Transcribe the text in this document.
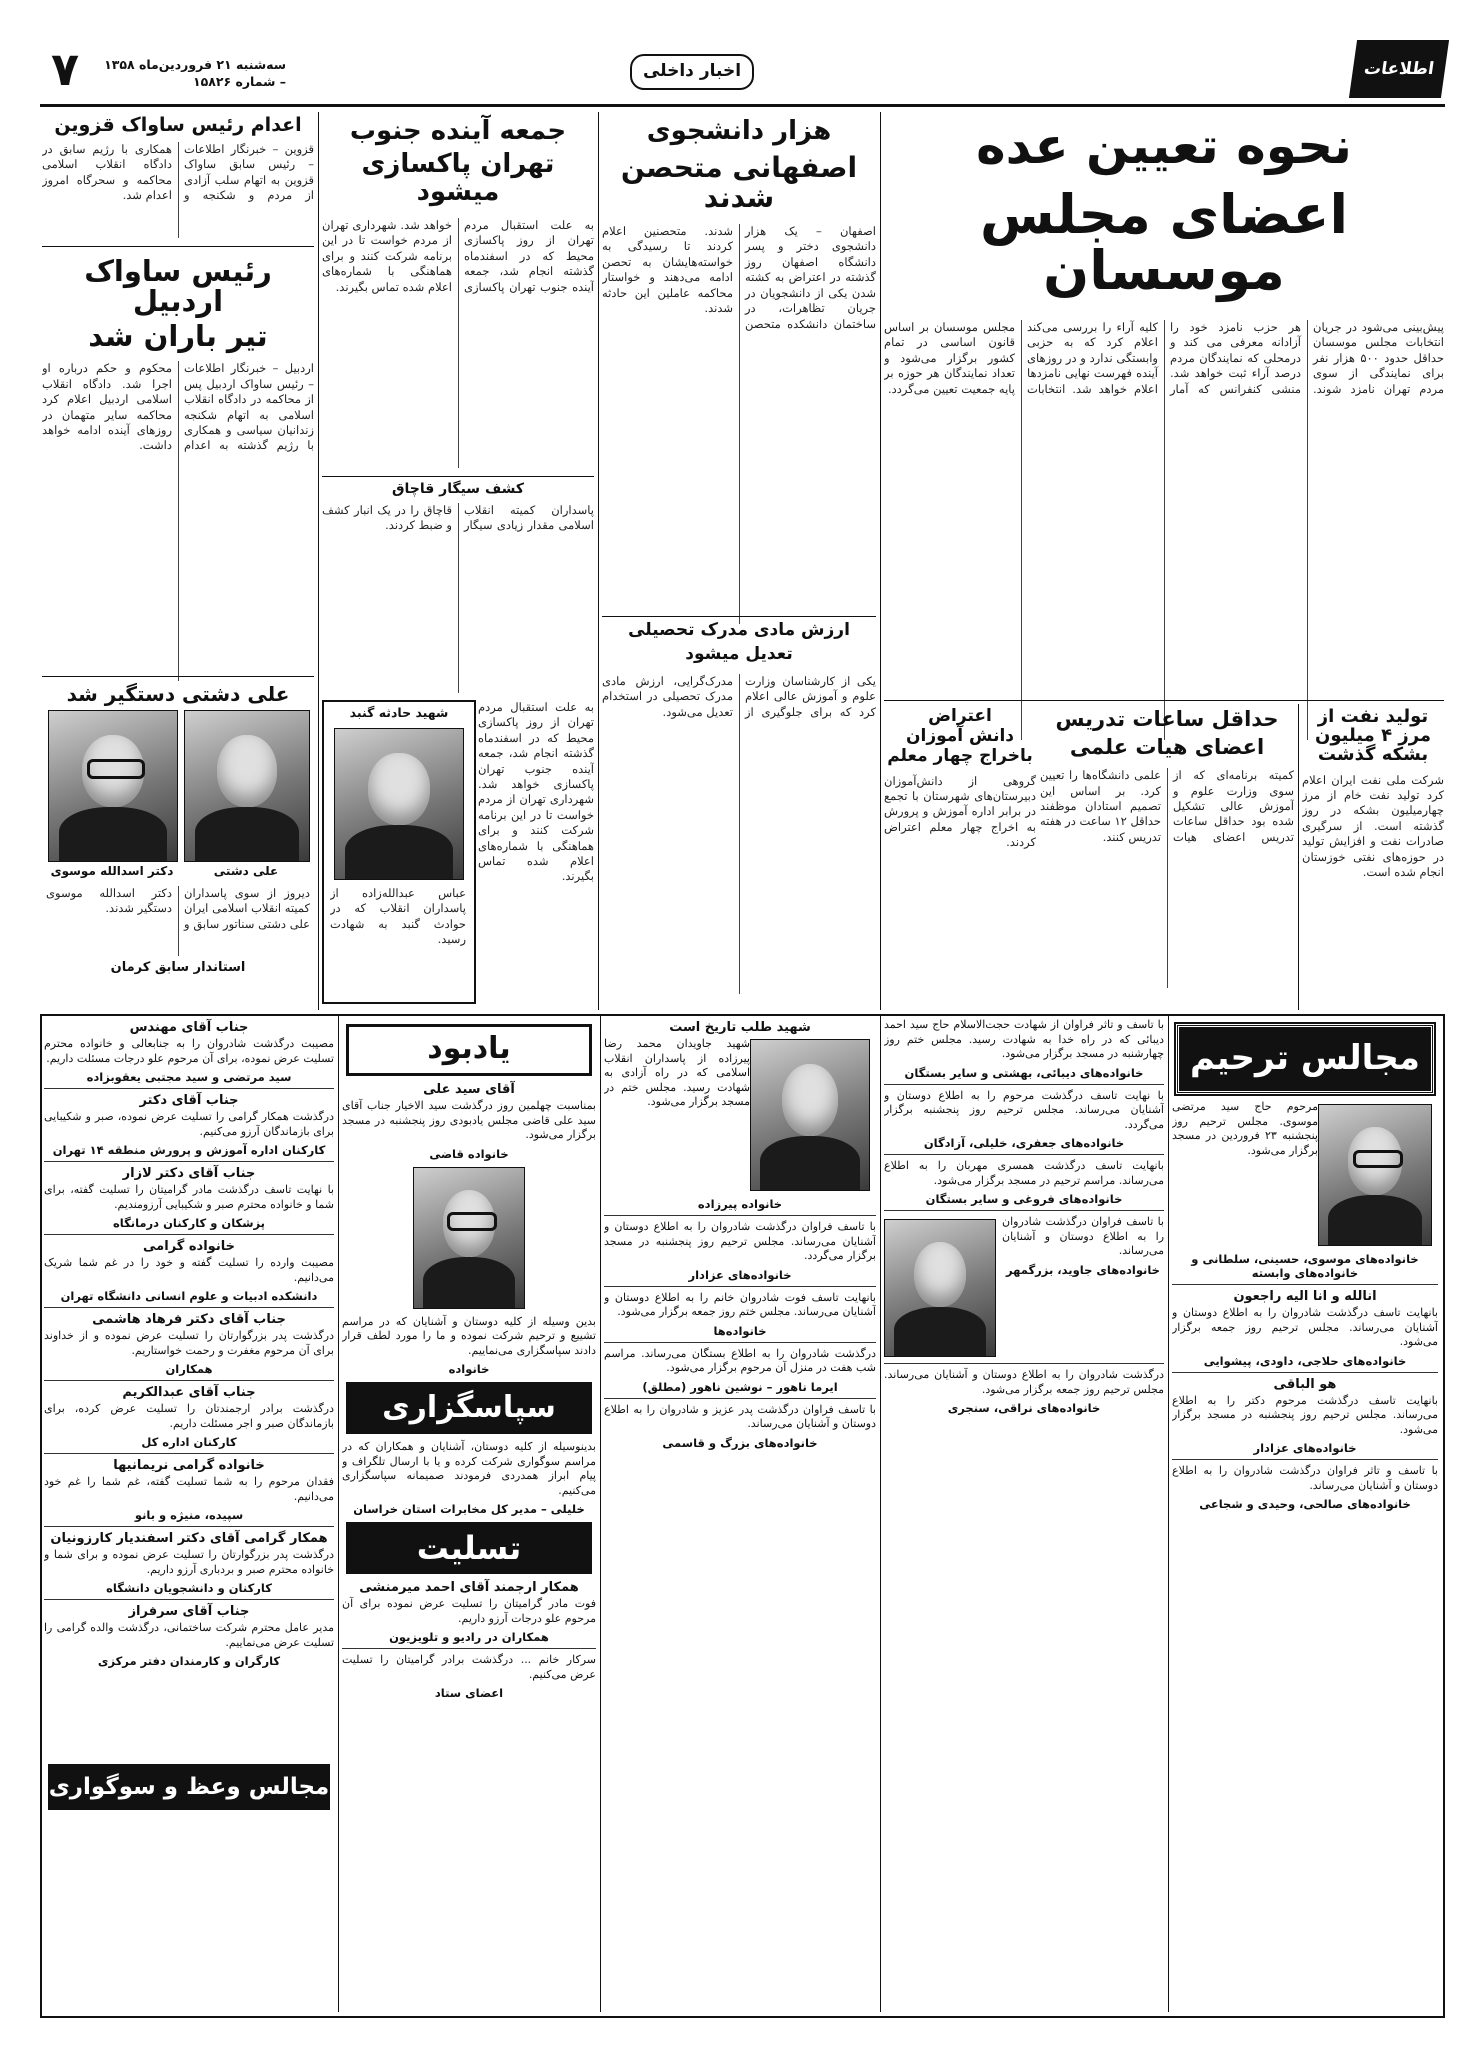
اطلاعات
اخبار داخلی
۷	سه‌شنبه ۲۱ فروردین‌ماه ۱۳۵۸ – شماره ۱۵۸۲۶
نحوه تعیین عده
اعضای مجلس موسسان
پیش‌بینی می‌شود در جریان انتخابات مجلس موسسان حداقل حدود ۵۰۰ هزار نفر برای نمایندگی از سوی مردم تهران نامزد شوند. هر حزب نامزد خود را آزادانه معرفی می کند و درمحلی که نمایندگان مردم درصد آراء ثبت خواهد شد. منشی کنفرانس که آمار کلیه آراء را بررسی می‌کند اعلام کرد که به حزبی وابستگی ندارد و در روزهای آینده فهرست نهایی نامزدها اعلام خواهد شد. انتخابات مجلس موسسان بر اساس قانون اساسی در تمام کشور برگزار می‌شود و تعداد نمایندگان هر حوزه بر پایه جمعیت تعیین می‌گردد.
هزار دانشجوی
اصفهانی متحصن شدند
اصفهان – یک هزار دانشجوی دختر و پسر دانشگاه اصفهان روز گذشته در اعتراض به کشته شدن یکی از دانشجویان در جریان تظاهرات، در ساختمان دانشکده متحصن شدند. متحصنین اعلام کردند تا رسیدگی به خواسته‌هایشان به تحصن ادامه می‌دهند و خواستار محاکمه عاملین این حادثه شدند.
جمعه آینده جنوب
تهران پاکسازی میشود
به علت استقبال مردم تهران از روز پاکسازی محیط که در اسفندماه گذشته انجام شد، جمعه آینده جنوب تهران پاکسازی خواهد شد. شهرداری تهران از مردم خواست تا در این برنامه شرکت کنند و برای هماهنگی با شماره‌های اعلام شده تماس بگیرند.
اعدام رئیس ساواک قزوین
قزوین – خبرنگار اطلاعات – رئیس سابق ساواک قزوین به اتهام سلب آزادی از مردم و شکنجه و همکاری با رژیم سابق در دادگاه انقلاب اسلامی محاکمه و سحرگاه امروز اعدام شد.
رئیس ساواک اردبیل
تیر باران شد
اردبیل – خبرنگار اطلاعات – رئیس ساواک اردبیل پس از محاکمه در دادگاه انقلاب اسلامی به اتهام شکنجه زندانیان سیاسی و همکاری با رژیم گذشته به اعدام محکوم و حکم درباره او اجرا شد. دادگاه انقلاب اسلامی اردبیل اعلام کرد محاکمه سایر متهمان در روزهای آینده ادامه خواهد داشت.
علی دشتی دستگیر شد
دکتر اسدالله موسوی	علی دشتی
دیروز از سوی پاسداران کمیته انقلاب اسلامی ایران علی دشتی سناتور سابق و دکتر اسدالله موسوی دستگیر شدند.
استاندار سابق کرمان
کشف سیگار قاچاق
پاسداران کمیته انقلاب اسلامی مقدار زیادی سیگار قاچاق را در یک انبار کشف و ضبط کردند.
شهید حادثه گنبد
عباس عبدالله‌زاده از پاسداران انقلاب که در حوادث گنبد به شهادت رسید.
به علت استقبال مردم تهران از روز پاکسازی محیط که در اسفندماه گذشته انجام شد، جمعه آینده جنوب تهران پاکسازی خواهد شد. شهرداری تهران از مردم خواست تا در این برنامه شرکت کنند و برای هماهنگی با شماره‌های اعلام شده تماس بگیرند.
ارزش مادی مدرک تحصیلی
تعدیل میشود
یکی از کارشناسان وزارت علوم و آموزش عالی اعلام کرد که برای جلوگیری از مدرک‌گرایی، ارزش مادی مدرک تحصیلی در استخدام تعدیل می‌شود.	تولید نفت از مرز ۴ میلیون بشکه گذشت
شرکت ملی نفت ایران اعلام کرد تولید نفت خام از مرز چهارمیلیون بشکه در روز گذشته است. از سرگیری صادرات نفت و افزایش تولید در حوزه‌های نفتی خوزستان انجام شده است.
حداقل ساعات تدریس
اعضای هیات علمی
کمیته برنامه‌ای که از سوی وزارت علوم و آموزش عالی تشکیل شده بود حداقل ساعات تدریس اعضای هیات علمی دانشگاه‌ها را تعیین کرد. بر اساس این تصمیم استادان موظفند حداقل ۱۲ ساعت در هفته تدریس کنند.
اعتراض
دانش آموزان
باخراج چهار معلم
گروهی از دانش‌آموزان دبیرستان‌های شهرستان با تجمع در برابر اداره آموزش و پرورش به اخراج چهار معلم اعتراض کردند.
مجالس ترحیم

مرحوم حاج سید مرتضی موسوی. مجلس ترحیم روز پنجشنبه ۲۳ فروردین در مسجد برگزار می‌شود.

خانواده‌های موسوی، حسینی، سلطانی و خانواده‌های وابسته

انالله و انا الیه راجعون

بانهایت تاسف درگذشت شادروان را به اطلاع دوستان و آشنایان می‌رساند. مجلس ترحیم روز جمعه برگزار می‌شود.

خانواده‌های حلاجی، داودی، پیشوایی

هو الباقی

بانهایت تاسف درگذشت مرحوم دکتر را به اطلاع می‌رساند. مجلس ترحیم روز پنجشنبه در مسجد برگزار می‌شود.

خانواده‌های عزادار

با تاسف و تاثر فراوان درگذشت شادروان را به اطلاع دوستان و آشنایان می‌رساند.

خانواده‌های صالحی، وحیدی و شجاعی

با تاسف و تاثر فراوان از شهادت حجت‌الاسلام حاج سید احمد دیبائی که در راه خدا به شهادت رسید. مجلس ختم روز چهارشنبه در مسجد برگزار می‌شود.

خانواده‌های دیبائی، بهشتی و سایر بستگان

با نهایت تاسف درگذشت مرحوم را به اطلاع دوستان و آشنایان می‌رساند. مجلس ترحیم روز پنجشنبه برگزار می‌گردد.

خانواده‌های جعفری، خلیلی، آزادگان

بانهایت تاسف درگذشت همسری مهربان را به اطلاع می‌رساند. مراسم ترحیم در مسجد برگزار می‌شود.

خانواده‌های فروغی و سایر بستگان

با تاسف فراوان درگذشت شادروان را به اطلاع دوستان و آشنایان می‌رساند.

خانواده‌های جاوید، بزرگمهر

درگذشت شادروان را به اطلاع دوستان و آشنایان می‌رساند. مجلس ترحیم روز جمعه برگزار می‌شود.

خانواده‌های نراقی، سنجری

شهید طلب تاریخ است

شهید جاویدان محمد رضا پیرزاده از پاسداران انقلاب اسلامی که در راه آزادی به شهادت رسید. مجلس ختم در مسجد برگزار می‌شود.

خانواده پیرزاده

با تاسف فراوان درگذشت شادروان را به اطلاع دوستان و آشنایان می‌رساند. مجلس ترحیم روز پنجشنبه در مسجد برگزار می‌گردد.

خانواده‌های عزادار

بانهایت تاسف فوت شادروان خانم را به اطلاع دوستان و آشنایان می‌رساند. مجلس ختم روز جمعه برگزار می‌شود.

خانواده‌ها

درگذشت شادروان را به اطلاع بستگان می‌رساند. مراسم شب هفت در منزل آن مرحوم برگزار می‌شود.

ایرما ناهور – نوشین ناهور (مطلق)

با تاسف فراوان درگذشت پدر عزیز و شادروان را به اطلاع دوستان و آشنایان می‌رساند.

خانواده‌های بزرگ و قاسمی

یادبود

آقای سید علی

بمناسبت چهلمین روز درگذشت سید الاخیار جناب آقای سید علی قاضی مجلس یادبودی روز پنجشنبه در مسجد برگزار می‌شود.

خانواده قاضی

بدین وسیله از کلیه دوستان و آشنایان که در مراسم تشییع و ترحیم شرکت نموده و ما را مورد لطف قرار دادند سپاسگزاری می‌نماییم.

خانواده

سپاسگزاری

بدینوسیله از کلیه دوستان، آشنایان و همکاران که در مراسم سوگواری شرکت کرده و یا با ارسال تلگراف و پیام ابراز همدردی فرمودند صمیمانه سپاسگزاری می‌کنیم.

خلیلی – مدیر کل مخابرات استان خراسان

تسلیت

همکار ارجمند آقای احمد میرمنشی

فوت مادر گرامیتان را تسلیت عرض نموده برای آن مرحوم علو درجات آرزو داریم.

همکاران در رادیو و تلویزیون

سرکار خانم ... درگذشت برادر گرامیتان را تسلیت عرض می‌کنیم.

اعضای ستاد

جناب آقای مهندس

مصیبت درگذشت شادروان را به جنابعالی و خانواده محترم تسلیت عرض نموده، برای آن مرحوم علو درجات مسئلت داریم.

سید مرتضی و سید مجتبی یعقوبزاده

جناب آقای دکتر

درگذشت همکار گرامی را تسلیت عرض نموده، صبر و شکیبایی برای بازماندگان آرزو می‌کنیم.

کارکنان اداره آموزش و پرورش منطقه ۱۴ تهران

جناب آقای دکتر لازار

با نهایت تاسف درگذشت مادر گرامیتان را تسلیت گفته، برای شما و خانواده محترم صبر و شکیبایی آرزومندیم.

پزشکان و کارکنان درمانگاه

خانواده گرامی

مصیبت وارده را تسلیت گفته و خود را در غم شما شریک می‌دانیم.

دانشکده ادبیات و علوم انسانی دانشگاه تهران

جناب آقای دکتر فرهاد هاشمی

درگذشت پدر بزرگوارتان را تسلیت عرض نموده و از خداوند برای آن مرحوم مغفرت و رحمت خواستاریم.

همکاران

جناب آقای عبدالکریم

درگذشت برادر ارجمندتان را تسلیت عرض کرده، برای بازماندگان صبر و اجر مسئلت داریم.

کارکنان اداره کل

خانواده گرامی نریمانیها

فقدان مرحوم را به شما تسلیت گفته، غم شما را غم خود می‌دانیم.

سپیده، منیژه و بانو

همکار گرامی آقای دکتر اسفندیار کارزونیان

درگذشت پدر بزرگوارتان را تسلیت عرض نموده و برای شما و خانواده محترم صبر و بردباری آرزو داریم.

کارکنان و دانشجویان دانشگاه

جناب آقای سرفراز

مدیر عامل محترم شرکت ساختمانی، درگذشت والده گرامی را تسلیت عرض می‌نماییم.

کارگران و کارمندان دفتر مرکزی

مجالس وعظ و سوگواری
